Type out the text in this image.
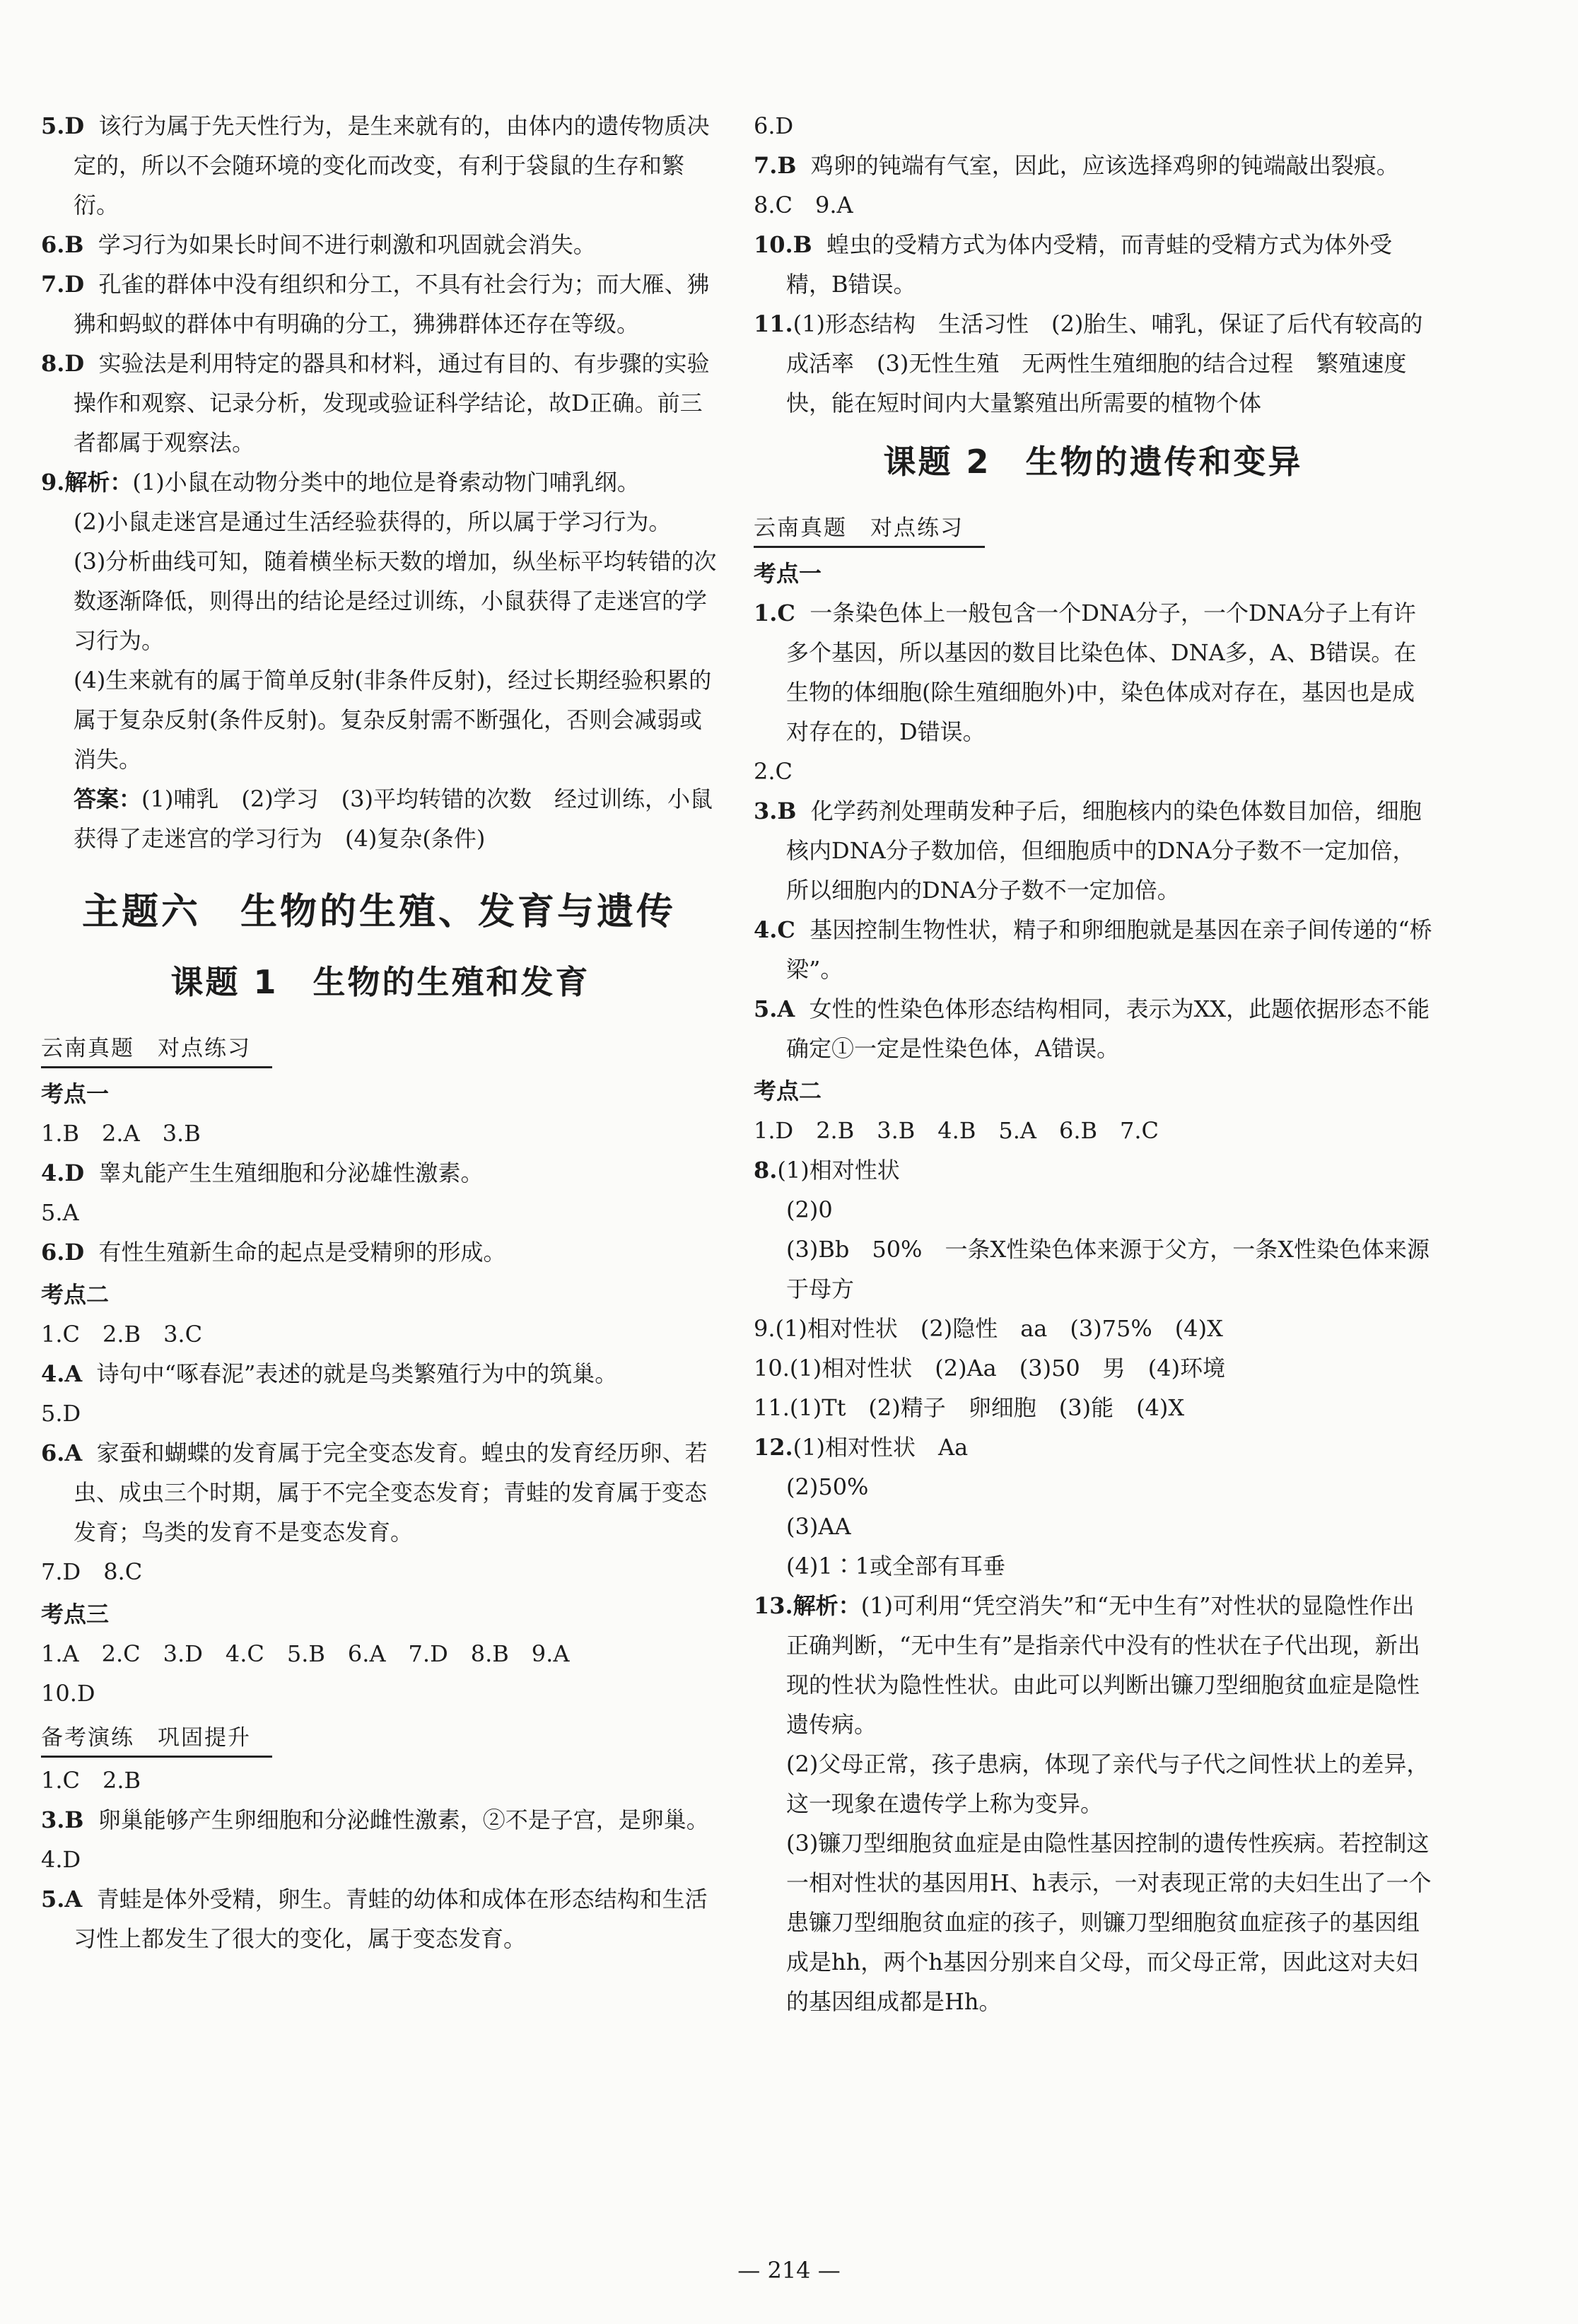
5.D 该行为属于先天性行为，是生来就有的，由体内的遗传物质决定的，所以不会随环境的变化而改变，有利于袋鼠的生存和繁衍。

6.B 学习行为如果长时间不进行刺激和巩固就会消失。

7.D 孔雀的群体中没有组织和分工，不具有社会行为；而大雁、狒狒和蚂蚁的群体中有明确的分工，狒狒群体还存在等级。

8.D 实验法是利用特定的器具和材料，通过有目的、有步骤的实验操作和观察、记录分析，发现或验证科学结论，故D正确。前三者都属于观察法。

9.解析：(1)小鼠在动物分类中的地位是脊索动物门哺乳纲。

(2)小鼠走迷宫是通过生活经验获得的，所以属于学习行为。

(3)分析曲线可知，随着横坐标天数的增加，纵坐标平均转错的次数逐渐降低，则得出的结论是经过训练，小鼠获得了走迷宫的学习行为。

(4)生来就有的属于简单反射(非条件反射)，经过长期经验积累的属于复杂反射(条件反射)。复杂反射需不断强化，否则会减弱或消失。

答案：(1)哺乳　(2)学习　(3)平均转错的次数　经过训练，小鼠获得了走迷宫的学习行为　(4)复杂(条件)

主题六　生物的生殖、发育与遗传
课题 1　生物的生殖和发育
云南真题　对点练习

考点一

1.B　2.A　3.B

4.D 睾丸能产生生殖细胞和分泌雄性激素。

5.A

6.D 有性生殖新生命的起点是受精卵的形成。

考点二

1.C　2.B　3.C

4.A 诗句中“啄春泥”表述的就是鸟类繁殖行为中的筑巢。

5.D

6.A 家蚕和蝴蝶的发育属于完全变态发育。蝗虫的发育经历卵、若虫、成虫三个时期，属于不完全变态发育；青蛙的发育属于变态发育；鸟类的发育不是变态发育。

7.D　8.C

考点三

1.A　2.C　3.D　4.C　5.B　6.A　7.D　8.B　9.A

10.D

备考演练　巩固提升

1.C　2.B

3.B 卵巢能够产生卵细胞和分泌雌性激素，②不是子宫，是卵巢。

4.D

5.A 青蛙是体外受精，卵生。青蛙的幼体和成体在形态结构和生活习性上都发生了很大的变化，属于变态发育。

6.D

7.B 鸡卵的钝端有气室，因此，应该选择鸡卵的钝端敲出裂痕。

8.C　9.A

10.B 蝗虫的受精方式为体内受精，而青蛙的受精方式为体外受精，B错误。

11.(1)形态结构　生活习性　(2)胎生、哺乳，保证了后代有较高的成活率　(3)无性生殖　无两性生殖细胞的结合过程　繁殖速度快，能在短时间内大量繁殖出所需要的植物个体

课题 2　生物的遗传和变异
云南真题　对点练习

考点一

1.C 一条染色体上一般包含一个DNA分子，一个DNA分子上有许多个基因，所以基因的数目比染色体、DNA多，A、B错误。在生物的体细胞(除生殖细胞外)中，染色体成对存在，基因也是成对存在的，D错误。

2.C

3.B 化学药剂处理萌发种子后，细胞核内的染色体数目加倍，细胞核内DNA分子数加倍，但细胞质中的DNA分子数不一定加倍，所以细胞内的DNA分子数不一定加倍。

4.C 基因控制生物性状，精子和卵细胞就是基因在亲子间传递的“桥梁”。

5.A 女性的性染色体形态结构相同，表示为XX，此题依据形态不能确定①一定是性染色体，A错误。

考点二

1.D　2.B　3.B　4.B　5.A　6.B　7.C

8.(1)相对性状

(2)0

(3)Bb　50%　一条X性染色体来源于父方，一条X性染色体来源于母方

9.(1)相对性状　(2)隐性　aa　(3)75%　(4)X

10.(1)相对性状　(2)Aa　(3)50　男　(4)环境

11.(1)Tt　(2)精子　卵细胞　(3)能　(4)X

12.(1)相对性状　Aa

(2)50%

(3)AA

(4)1∶1或全部有耳垂

13.解析：(1)可利用“凭空消失”和“无中生有”对性状的显隐性作出正确判断，“无中生有”是指亲代中没有的性状在子代出现，新出现的性状为隐性性状。由此可以判断出镰刀型细胞贫血症是隐性遗传病。

(2)父母正常，孩子患病，体现了亲代与子代之间性状上的差异，这一现象在遗传学上称为变异。

(3)镰刀型细胞贫血症是由隐性基因控制的遗传性疾病。若控制这一相对性状的基因用H、h表示，一对表现正常的夫妇生出了一个患镰刀型细胞贫血症的孩子，则镰刀型细胞贫血症孩子的基因组成是hh，两个h基因分别来自父母，而父母正常，因此这对夫妇的基因组成都是Hh。

— 214 —
